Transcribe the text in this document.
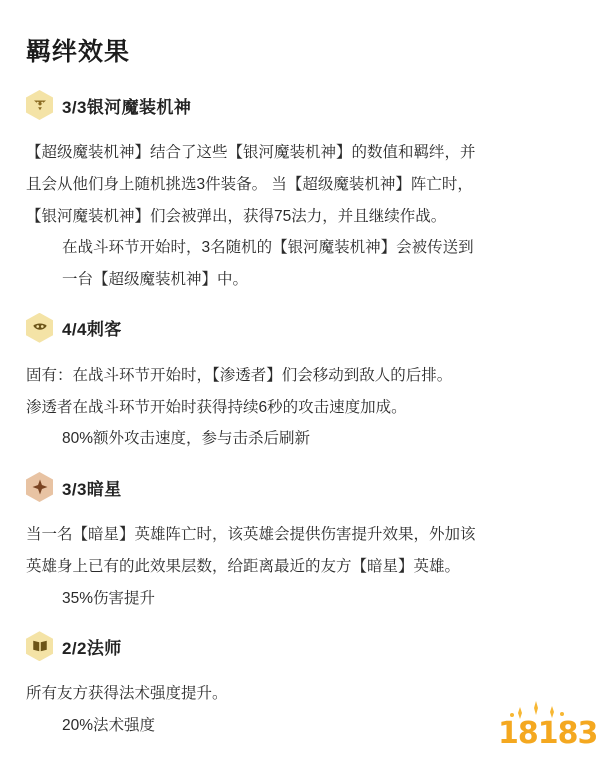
羁绊效果
3/3银河魔装机神

【超级魔装机神】结合了这些【银河魔装机神】的数值和羁绊，并

且会从他们身上随机挑选3件装备。 当【超级魔装机神】阵亡时，

【银河魔装机神】们会被弹出，获得75法力，并且继续作战。

在战斗环节开始时，3名随机的【银河魔装机神】会被传送到

一台【超级魔装机神】中。

4/4刺客

固有：在战斗环节开始时，【渗透者】们会移动到敌人的后排。

渗透者在战斗环节开始时获得持续6秒的攻击速度加成。

80%额外攻击速度，参与击杀后刷新

3/3暗星

当一名【暗星】英雄阵亡时，该英雄会提供伤害提升效果，外加该

英雄身上已有的此效果层数，给距离最近的友方【暗星】英雄。

35%伤害提升

2/2法师

所有友方获得法术强度提升。

20%法术强度	18183
